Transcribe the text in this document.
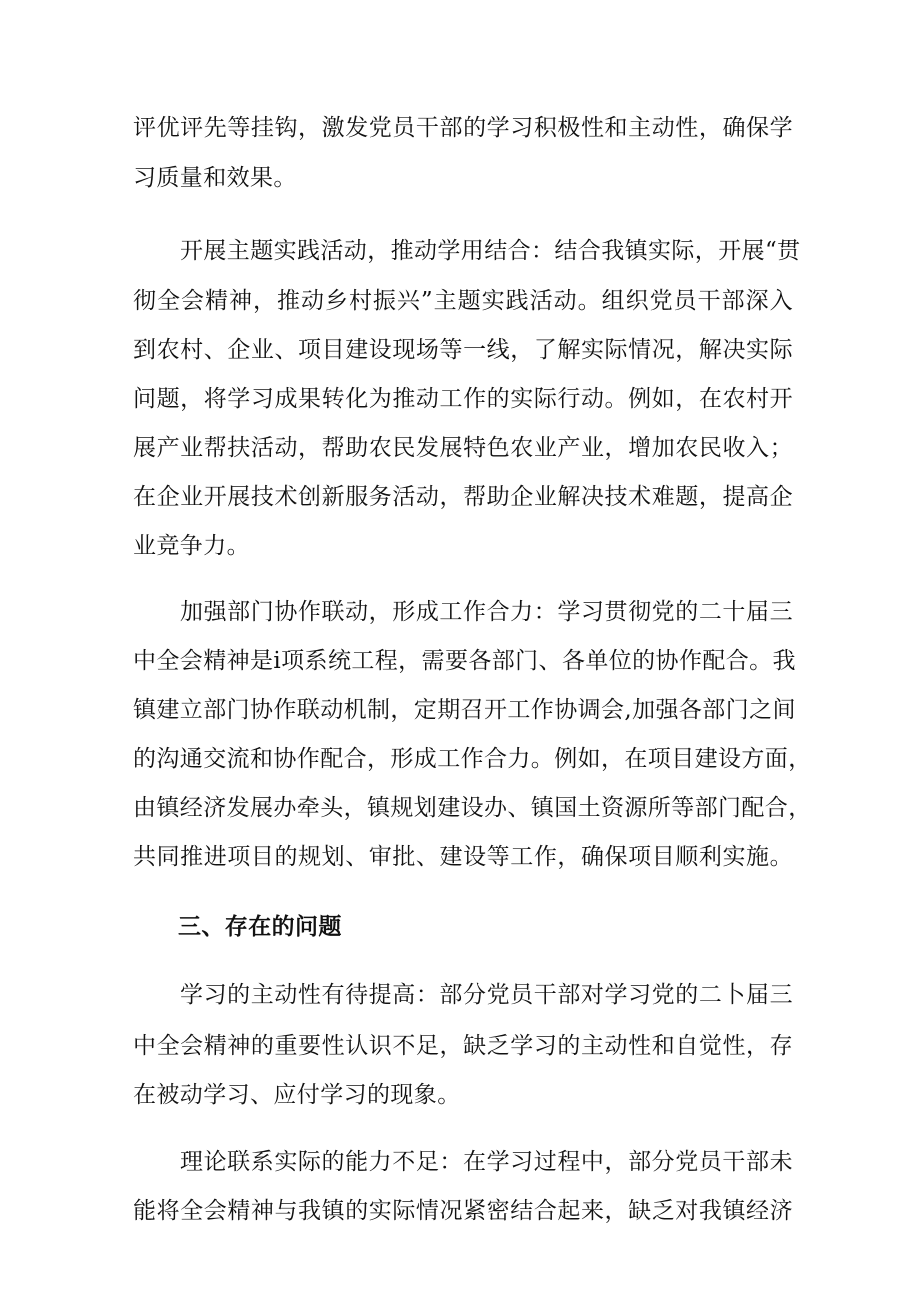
评优评先等挂钩，激发党员干部的学习积极性和主动性，确保学
习质量和效果。
开展主题实践活动，推动学用结合：结合我镇实际，开展“贯
彻全会精神，推动乡村振兴”主题实践活动。组织党员干部深入
到农村、企业、项目建设现场等一线，了解实际情况，解决实际
问题，将学习成果转化为推动工作的实际行动。例如，在农村开
展产业帮扶活动，帮助农民发展特色农业产业，增加农民收入；
在企业开展技术创新服务活动，帮助企业解决技术难题，提高企
业竞争力。
加强部门协作联动，形成工作合力：学习贯彻党的二十届三
中全会精神是i项系统工程，需要各部门、各单位的协作配合。我
镇建立部门协作联动机制，定期召开工作协调会,加强各部门之间
的沟通交流和协作配合，形成工作合力。例如，在项目建设方面，
由镇经济发展办牵头，镇规划建设办、镇国土资源所等部门配合，
共同推进项目的规划、审批、建设等工作，确保项目顺利实施。
三、存在的问题
学习的主动性有待提高：部分党员干部对学习党的二卜届三
中全会精神的重要性认识不足，缺乏学习的主动性和自觉性，存
在被动学习、应付学习的现象。
理论联系实际的能力不足：在学习过程中，部分党员干部未
能将全会精神与我镇的实际情况紧密结合起来，缺乏对我镇经济
